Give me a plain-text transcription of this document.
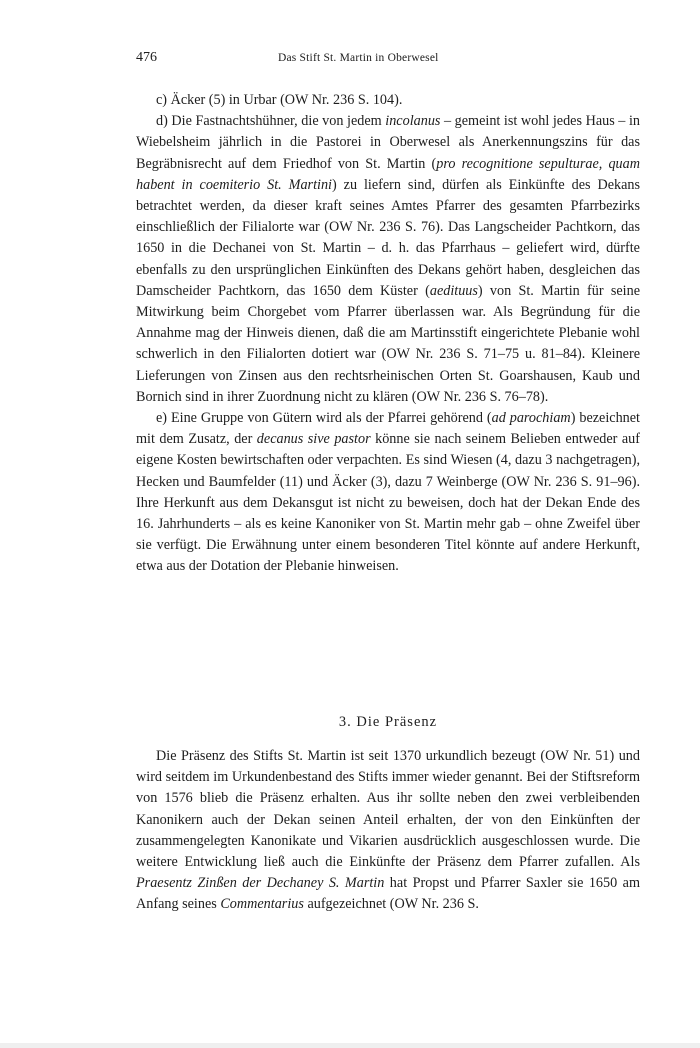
476	Das Stift St. Martin in Oberwesel

c) Äcker (5) in Urbar (OW Nr. 236 S. 104).

d) Die Fastnachtshühner, die von jedem incolanus – gemeint ist wohl jedes Haus – in Wiebelsheim jährlich in die Pastorei in Oberwesel als Anerkennungszins für das Begräbnisrecht auf dem Friedhof von St. Martin (pro recognitione sepulturae, quam habent in coemiterio St. Martini) zu liefern sind, dürfen als Einkünfte des Dekans betrachtet werden, da dieser kraft seines Amtes Pfarrer des gesamten Pfarrbezirks einschließlich der Filialorte war (OW Nr. 236 S. 76). Das Langscheider Pachtkorn, das 1650 in die Dechanei von St. Martin – d. h. das Pfarrhaus – geliefert wird, dürfte ebenfalls zu den ursprünglichen Einkünften des Dekans gehört haben, desgleichen das Damscheider Pachtkorn, das 1650 dem Küster (aedituus) von St. Martin für seine Mitwirkung beim Chorgebet vom Pfarrer überlassen war. Als Begründung für die Annahme mag der Hinweis dienen, daß die am Martinsstift eingerichtete Plebanie wohl schwerlich in den Filialorten dotiert war (OW Nr. 236 S. 71–75 u. 81–84). Kleinere Lieferungen von Zinsen aus den rechtsrheinischen Orten St. Goarshausen, Kaub und Bornich sind in ihrer Zuordnung nicht zu klären (OW Nr. 236 S. 76–78).

e) Eine Gruppe von Gütern wird als der Pfarrei gehörend (ad parochiam) bezeichnet mit dem Zusatz, der decanus sive pastor könne sie nach seinem Belieben entweder auf eigene Kosten bewirtschaften oder verpachten. Es sind Wiesen (4, dazu 3 nachgetragen), Hecken und Baumfelder (11) und Äcker (3), dazu 7 Weinberge (OW Nr. 236 S. 91–96). Ihre Herkunft aus dem Dekansgut ist nicht zu beweisen, doch hat der Dekan Ende des 16. Jahrhunderts – als es keine Kanoniker von St. Martin mehr gab – ohne Zweifel über sie verfügt. Die Erwähnung unter einem besonderen Titel könnte auf andere Herkunft, etwa aus der Dotation der Plebanie hinweisen.

3. Die Präsenz

Die Präsenz des Stifts St. Martin ist seit 1370 urkundlich bezeugt (OW Nr. 51) und wird seitdem im Urkundenbestand des Stifts immer wieder genannt. Bei der Stiftsreform von 1576 blieb die Präsenz erhalten. Aus ihr sollte neben den zwei verbleibenden Kanonikern auch der Dekan seinen Anteil erhalten, der von den Einkünften der zusammengelegten Kanonikate und Vikarien ausdrücklich ausgeschlossen wurde. Die weitere Entwicklung ließ auch die Einkünfte der Präsenz dem Pfarrer zufallen. Als Praesentz Zinßen der Dechaney S. Martin hat Propst und Pfarrer Saxler sie 1650 am Anfang seines Commentarius aufgezeichnet (OW Nr. 236 S.
